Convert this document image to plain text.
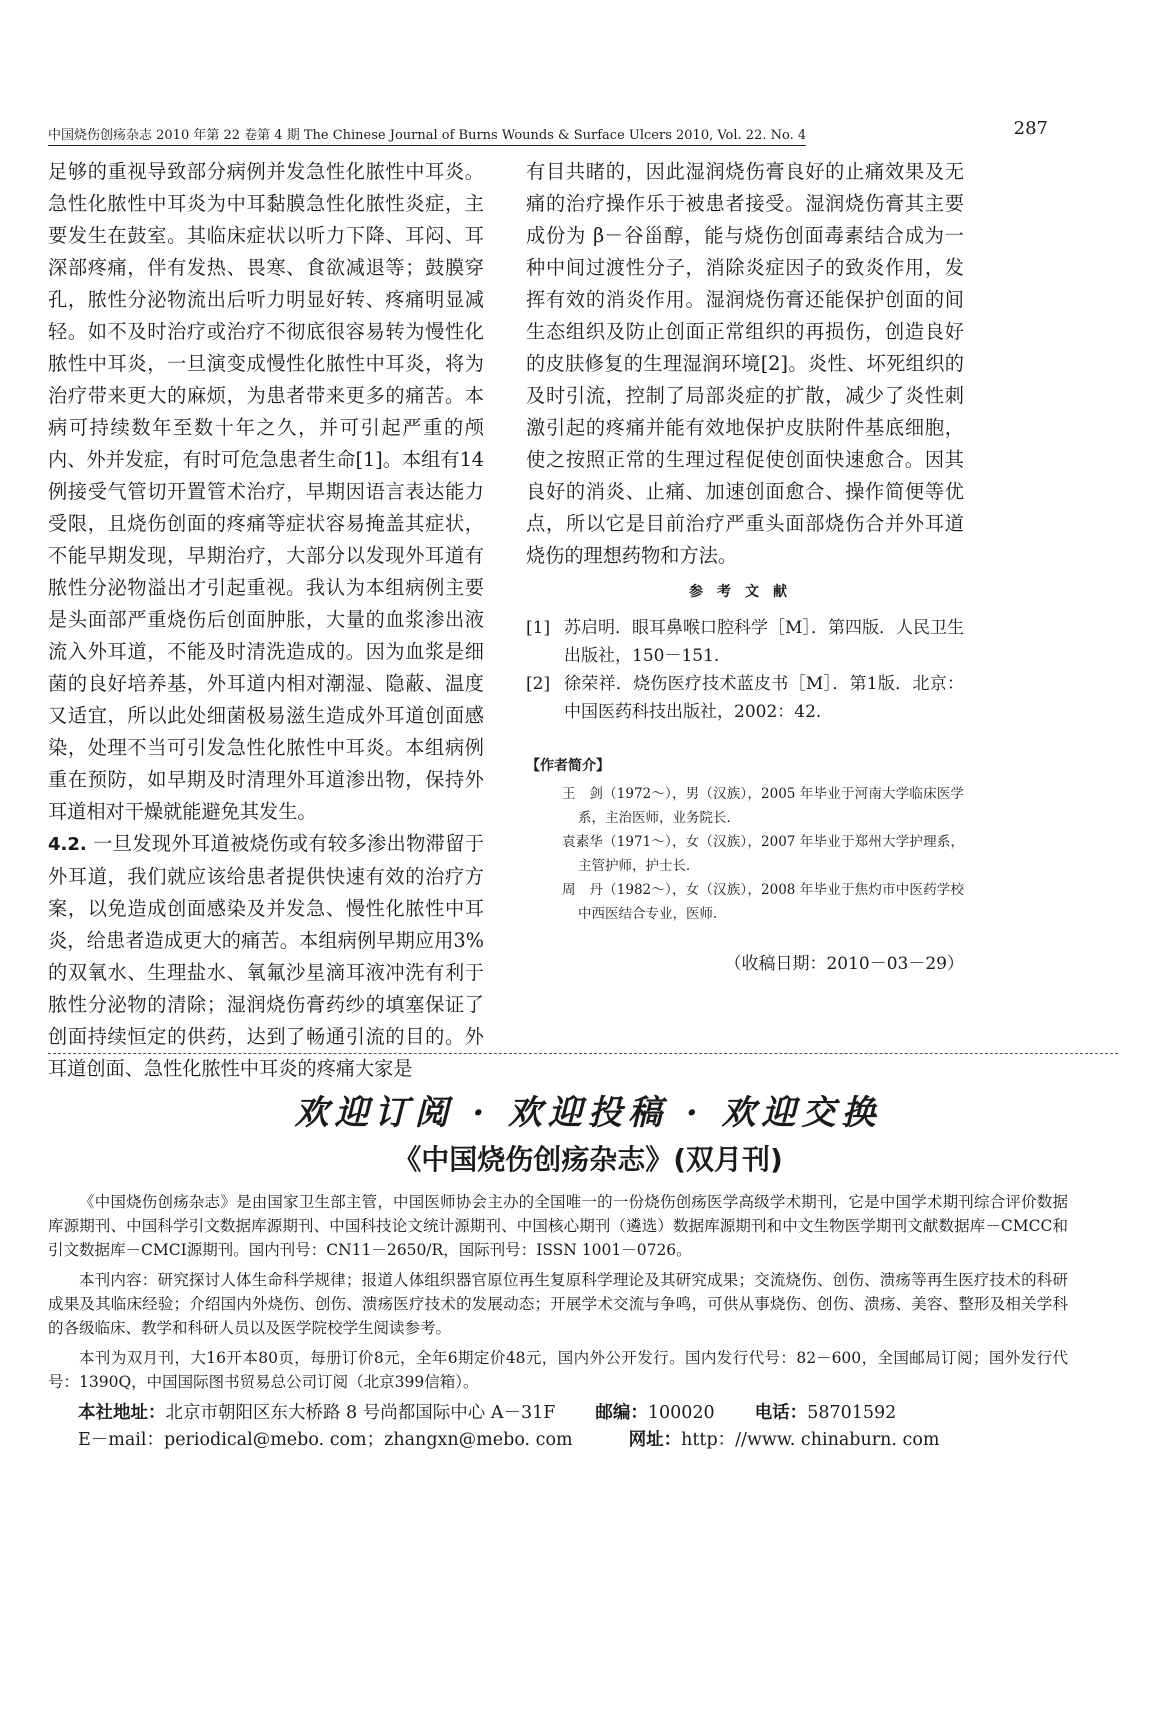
中国烧伤创疡杂志 2010 年第 22 卷第 4 期 The Chinese Journal of Burns Wounds & Surface Ulcers 2010, Vol. 22. No. 4	287

足够的重视导致部分病例并发急性化脓性中耳炎。急性化脓性中耳炎为中耳黏膜急性化脓性炎症，主要发生在鼓室。其临床症状以听力下降、耳闷、耳深部疼痛，伴有发热、畏寒、食欲减退等；鼓膜穿孔，脓性分泌物流出后听力明显好转、疼痛明显减轻。如不及时治疗或治疗不彻底很容易转为慢性化脓性中耳炎，一旦演变成慢性化脓性中耳炎，将为治疗带来更大的麻烦，为患者带来更多的痛苦。本病可持续数年至数十年之久，并可引起严重的颅内、外并发症，有时可危急患者生命[1]。本组有14 例接受气管切开置管术治疗，早期因语言表达能力受限，且烧伤创面的疼痛等症状容易掩盖其症状，不能早期发现，早期治疗，大部分以发现外耳道有脓性分泌物溢出才引起重视。我认为本组病例主要是头面部严重烧伤后创面肿胀，大量的血浆渗出液流入外耳道，不能及时清洗造成的。因为血浆是细菌的良好培养基，外耳道内相对潮湿、隐蔽、温度又适宜，所以此处细菌极易滋生造成外耳道创面感染，处理不当可引发急性化脓性中耳炎。本组病例重在预防，如早期及时清理外耳道渗出物，保持外耳道相对干燥就能避免其发生。

4.2. 一旦发现外耳道被烧伤或有较多渗出物滞留于外耳道，我们就应该给患者提供快速有效的治疗方案，以免造成创面感染及并发急、慢性化脓性中耳炎，给患者造成更大的痛苦。本组病例早期应用3%的双氧水、生理盐水、氧氟沙星滴耳液冲洗有利于脓性分泌物的清除；湿润烧伤膏药纱的填塞保证了创面持续恒定的供药，达到了畅通引流的目的。外耳道创面、急性化脓性中耳炎的疼痛大家是

有目共睹的，因此湿润烧伤膏良好的止痛效果及无痛的治疗操作乐于被患者接受。湿润烧伤膏其主要成份为 β－谷甾醇，能与烧伤创面毒素结合成为一种中间过渡性分子，消除炎症因子的致炎作用，发挥有效的消炎作用。湿润烧伤膏还能保护创面的间生态组织及防止创面正常组织的再损伤，创造良好的皮肤修复的生理湿润环境[2]。炎性、坏死组织的及时引流，控制了局部炎症的扩散，减少了炎性刺激引起的疼痛并能有效地保护皮肤附件基底细胞，使之按照正常的生理过程促使创面快速愈合。因其良好的消炎、止痛、加速创面愈合、操作简便等优点，所以它是目前治疗严重头面部烧伤合并外耳道烧伤的理想药物和方法。

参考文献
[1] 苏启明．眼耳鼻喉口腔科学［M］．第四版．人民卫生出版社，150－151.
[2] 徐荣祥．烧伤医疗技术蓝皮书［M］．第1版．北京：中国医药科技出版社，2002：42.
【作者简介】
王　剑（1972～），男（汉族），2005 年毕业于河南大学临床医学系，主治医师，业务院长．
袁素华（1971～），女（汉族），2007 年毕业于郑州大学护理系，主管护师，护士长．
周　丹（1982～），女（汉族），2008 年毕业于焦灼市中医药学校中西医结合专业，医师．
（收稿日期：2010－03－29）
欢迎订阅 · 欢迎投稿 · 欢迎交换
《中国烧伤创疡杂志》(双月刊)

《中国烧伤创疡杂志》是由国家卫生部主管，中国医师协会主办的全国唯一的一份烧伤创疡医学高级学术期刊，它是中国学术期刊综合评价数据库源期刊、中国科学引文数据库源期刊、中国科技论文统计源期刊、中国核心期刊（遴选）数据库源期刊和中文生物医学期刊文献数据库－CMCC和引文数据库－CMCI源期刊。国内刊号：CN11－2650/R，国际刊号：ISSN 1001－0726。

本刊内容：研究探讨人体生命科学规律；报道人体组织器官原位再生复原科学理论及其研究成果；交流烧伤、创伤、溃疡等再生医疗技术的科研成果及其临床经验；介绍国内外烧伤、创伤、溃疡医疗技术的发展动态；开展学术交流与争鸣，可供从事烧伤、创伤、溃疡、美容、整形及相关学科的各级临床、教学和科研人员以及医学院校学生阅读参考。

本刊为双月刊，大16开本80页，每册订价8元，全年6期定价48元，国内外公开发行。国内发行代号：82－600，全国邮局订阅；国外发行代号：1390Q，中国国际图书贸易总公司订阅（北京399信箱）。

本社地址：北京市朝阳区东大桥路 8 号尚都国际中心 A－31F 邮编：100020 电话：58701592
E－mail：periodical@mebo. com；zhangxn@mebo. com	网址：http：//www. chinaburn. com
